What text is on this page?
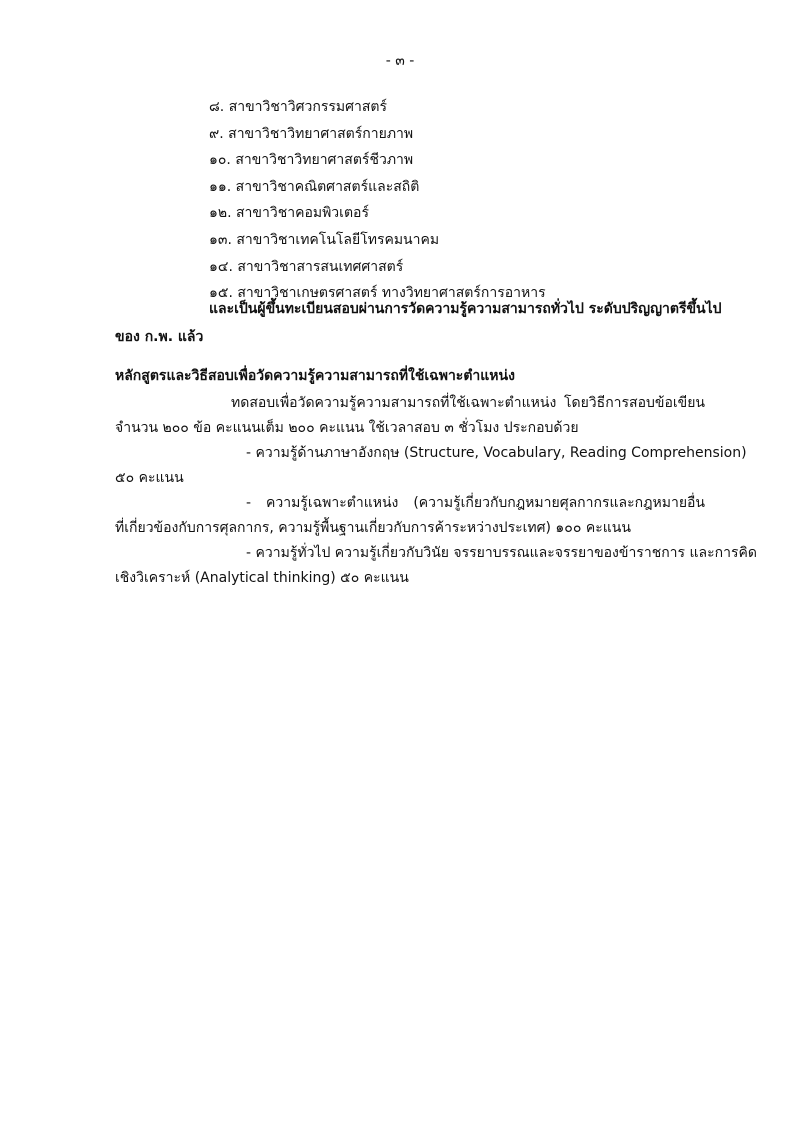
- ๓ -
๘. สาขาวิชาวิศวกรรมศาสตร์
๙. สาขาวิชาวิทยาศาสตร์กายภาพ
๑๐. สาขาวิชาวิทยาศาสตร์ชีวภาพ
๑๑. สาขาวิชาคณิตศาสตร์และสถิติ
๑๒. สาขาวิชาคอมพิวเตอร์
๑๓. สาขาวิชาเทคโนโลยีโทรคมนาคม
๑๔. สาขาวิชาสารสนเทศศาสตร์
๑๕. สาขาวิชาเกษตรศาสตร์ ทางวิทยาศาสตร์การอาหาร
และเป็นผู้ขึ้นทะเบียนสอบผ่านการวัดความรู้ความสามารถทั่วไป ระดับปริญญาตรีขึ้นไป
ของ ก.พ. แล้ว
หลักสูตรและวิธีสอบเพื่อวัดความรู้ความสามารถที่ใช้เฉพาะตำแหน่ง
ทดสอบเพื่อวัดความรู้ความสามารถที่ใช้เฉพาะตำแหน่ง โดยวิธีการสอบข้อเขียน
จำนวน ๒๐๐ ข้อ คะแนนเต็ม ๒๐๐ คะแนน ใช้เวลาสอบ ๓ ชั่วโมง ประกอบด้วย
- ความรู้ด้านภาษาอังกฤษ (Structure, Vocabulary, Reading Comprehension)
๕๐ คะแนน
- ความรู้เฉพาะตำแหน่ง (ความรู้เกี่ยวกับกฎหมายศุลกากรและกฎหมายอื่น
ที่เกี่ยวข้องกับการศุลกากร, ความรู้พื้นฐานเกี่ยวกับการค้าระหว่างประเทศ) ๑๐๐ คะแนน
- ความรู้ทั่วไป ความรู้เกี่ยวกับวินัย จรรยาบรรณและจรรยาของข้าราชการ และการคิด
เชิงวิเคราะห์ (Analytical thinking) ๕๐ คะแนน
